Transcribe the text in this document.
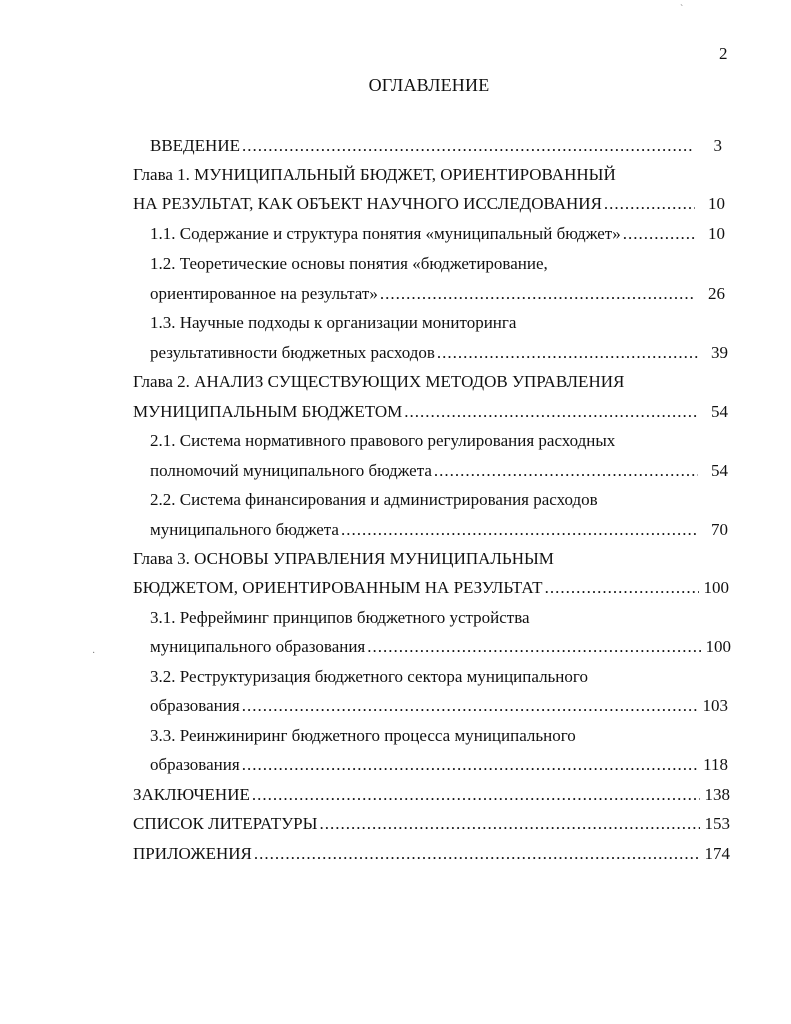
`
2
ОГЛАВЛЕНИЕ
ВВЕДЕНИЕ .....	3
Глава 1. МУНИЦИПАЛЬНЫЙ БЮДЖЕТ, ОРИЕНТИРОВАННЫЙ
НА РЕЗУЛЬТАТ, КАК ОБЪЕКТ НАУЧНОГО ИССЛЕДОВАНИЯ .....	10
1.1. Содержание и структура понятия «муниципальный бюджет» .....	10
1.2. Теоретические основы понятия «бюджетирование,
ориентированное на результат» .....	26
1.3. Научные подходы к организации мониторинга
результативности бюджетных расходов .....	39
Глава 2. АНАЛИЗ СУЩЕСТВУЮЩИХ МЕТОДОВ УПРАВЛЕНИЯ
МУНИЦИПАЛЬНЫМ БЮДЖЕТОМ .....	54
2.1. Система нормативного правового регулирования расходных
полномочий муниципального бюджета .....	54
2.2. Система финансирования и администрирования расходов
муниципального бюджета .....	70
Глава 3. ОСНОВЫ УПРАВЛЕНИЯ МУНИЦИПАЛЬНЫМ
БЮДЖЕТОМ, ОРИЕНТИРОВАННЫМ НА РЕЗУЛЬТАТ .....	100
3.1. Рефрейминг принципов бюджетного устройства
муниципального образования .....	100
3.2. Реструктуризация бюджетного сектора муниципального
образования .....	103
3.3. Реинжиниринг бюджетного процесса муниципального
образования .....	118
ЗАКЛЮЧЕНИЕ .....	138
СПИСОК ЛИТЕРАТУРЫ .....	153
ПРИЛОЖЕНИЯ .....	174
·
